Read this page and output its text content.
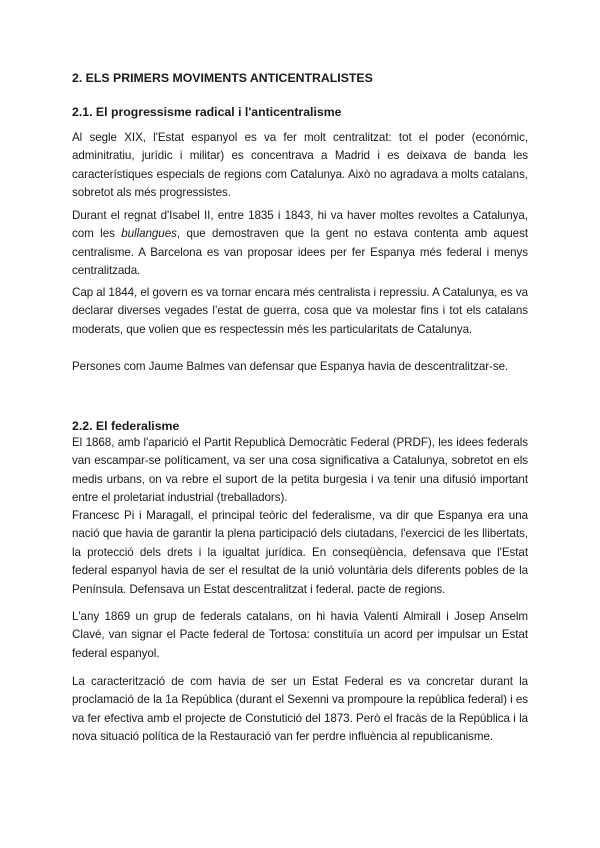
2. ELS PRIMERS MOVIMENTS ANTICENTRALISTES
2.1. El progressisme radical i l'anticentralisme

Al segle XIX, l'Estat espanyol es va fer molt centralitzat: tot el poder (económic, adminitratiu, jurídic i militar) es concentrava a Madrid i es deixava de banda les característiques especials de regions com Catalunya. Això no agradava a molts catalans, sobretot als més progressistes.

Durant el regnat d'Isabel II, entre 1835 i 1843, hi va haver moltes revoltes a Catalunya, com les bullangues, que demostraven que la gent no estava contenta amb aquest centralisme. A Barcelona es van proposar idees per fer Espanya més federal i menys centralitzada.

Cap al 1844, el govern es va tornar encara més centralista i repressiu. A Catalunya, es va declarar diverses vegades l’estat de guerra, cosa que va molestar fins i tot els catalans moderats, que volien que es respectessin més les particularitats de Catalunya.

Persones com Jaume Balmes van defensar que Espanya havia de descentralitzar-se.

2.2. El federalisme

El 1868, amb l'aparició el Partit Republicà Democràtic Federal (PRDF), les idees federals van escampar-se políticament, va ser una cosa significativa a Catalunya, sobretot en els medis urbans, on va rebre el suport de la petita burgesia i va tenir una difusió important entre el proletariat industrial (treballadors).

Francesc Pi i Maragall, el principal teòric del federalisme, va dir que Espanya era una nació que havia de garantir la plena participació dels ciutadans, l'exercici de les llibertats, la protecció dels drets i la igualtat jurídica. En conseqüència, defensava que l'Estat federal espanyol havia de ser el resultat de la unió voluntària dels diferents pobles de la Península. Defensava un Estat descentralitzat i federal. pacte de regions.

L'any 1869 un grup de federals catalans, on hi havia Valentí Almirall i Josep Anselm Clavé, van signar el Pacte federal de Tortosa: constituïa un acord per impulsar un Estat federal espanyol.

La caracterització de com havia de ser un Estat Federal es va concretar durant la proclamació de la 1a República (durant el Sexenni va prompoure la república federal) i es va fer efectiva amb el projecte de Constutició del 1873. Però el fracàs de la República i la nova situació política de la Restauració van fer perdre influència al republicanisme.
